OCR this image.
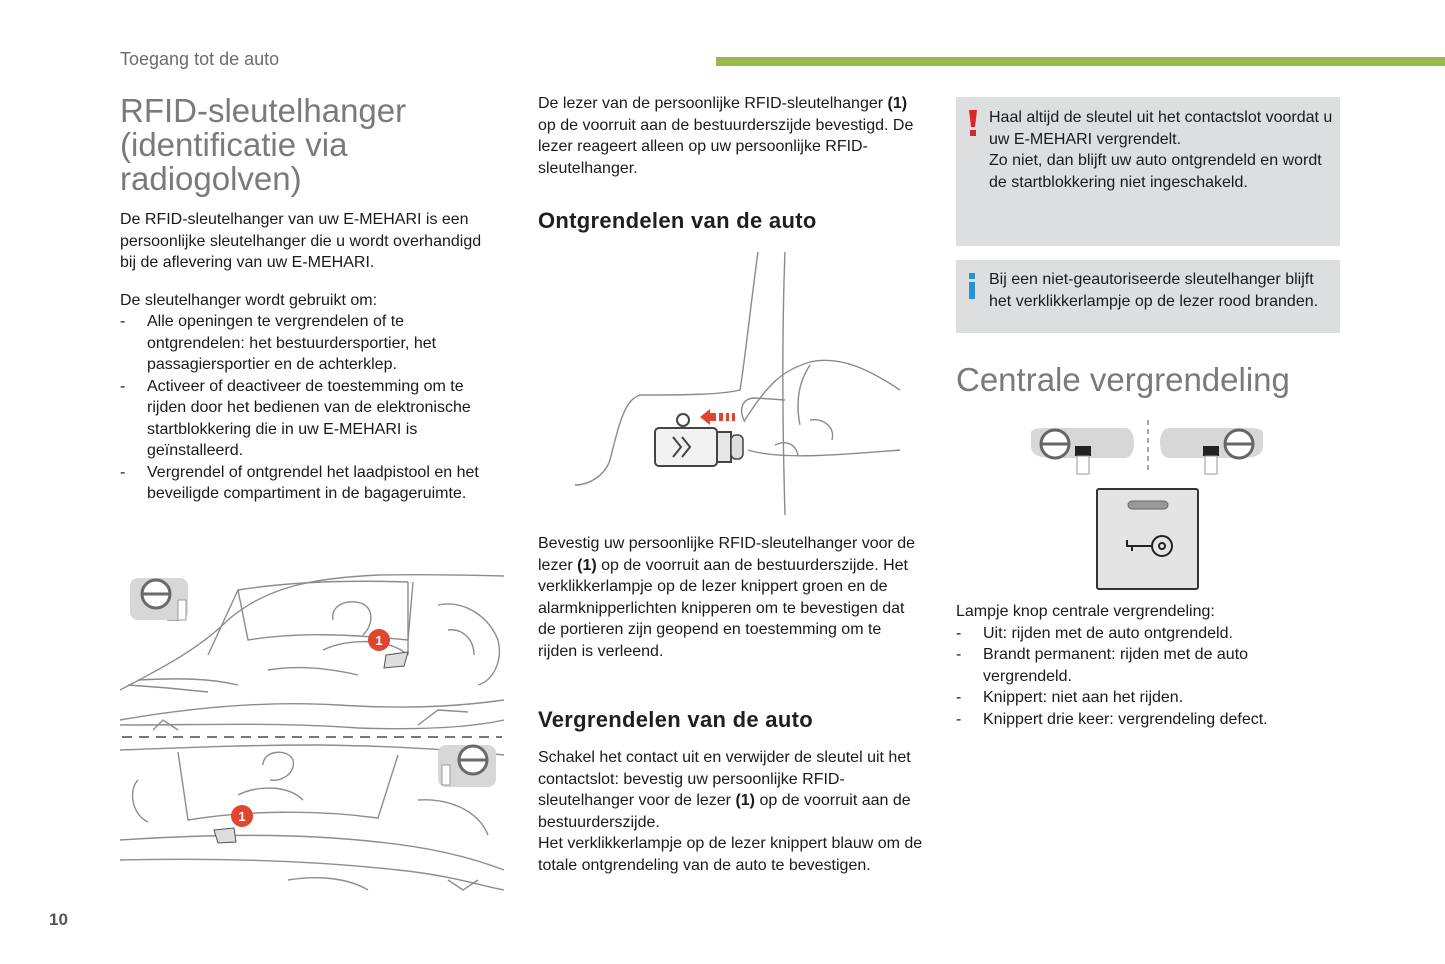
Toegang tot de auto
RFID-sleutelhanger
(identificatie via
radiogolven)

De RFID-sleutelhanger van uw E-MEHARI is een persoonlijke sleutelhanger die u wordt overhandigd bij de aflevering van uw E-MEHARI.

De sleutelhanger wordt gebruikt om:

- Alle openingen te vergrendelen of te ontgrendelen: het bestuurdersportier, het passagiersportier en de achterklep.
- Activeer of deactiveer de toestemming om te rijden door het bedienen van de elektronische startblokkering die in uw E-MEHARI is geïnstalleerd.
- Vergrendel of ontgrendel het laadpistool en het beveiligde compartiment in de bagageruimte.
1
1

De lezer van de persoonlijke RFID-sleutelhanger (1) op de voorruit aan de bestuurderszijde bevestigd. De lezer reageert alleen op uw persoonlijke RFID-sleutelhanger.

Ontgrendelen van de auto

Bevestig uw persoonlijke RFID-sleutelhanger voor de lezer (1) op de voorruit aan de bestuurderszijde. Het verklikkerlampje op de lezer knippert groen en de alarmknipperlichten knipperen om te bevestigen dat de portieren zijn geopend en toestemming om te rijden is verleend.

Vergrendelen van de auto

Schakel het contact uit en verwijder de sleutel uit het contactslot: bevestig uw persoonlijke RFID-sleutelhanger voor de lezer (1) op de voorruit aan de bestuurderszijde.

Het verklikkerlampje op de lezer knippert blauw om de totale ontgrendeling van de auto te bevestigen.

Haal altijd de sleutel uit het contactslot voordat u uw E-MEHARI vergrendelt.

Zo niet, dan blijft uw auto ontgrendeld en wordt de startblokkering niet ingeschakeld.

Bij een niet-geautoriseerde sleutelhanger blijft het verklikkerlampje op de lezer rood branden.
Centrale vergrendeling

Lampje knop centrale vergrendeling:

- Uit: rijden met de auto ontgrendeld.
- Brandt permanent: rijden met de auto vergrendeld.
- Knippert: niet aan het rijden.
- Knippert drie keer: vergrendeling defect.
10
